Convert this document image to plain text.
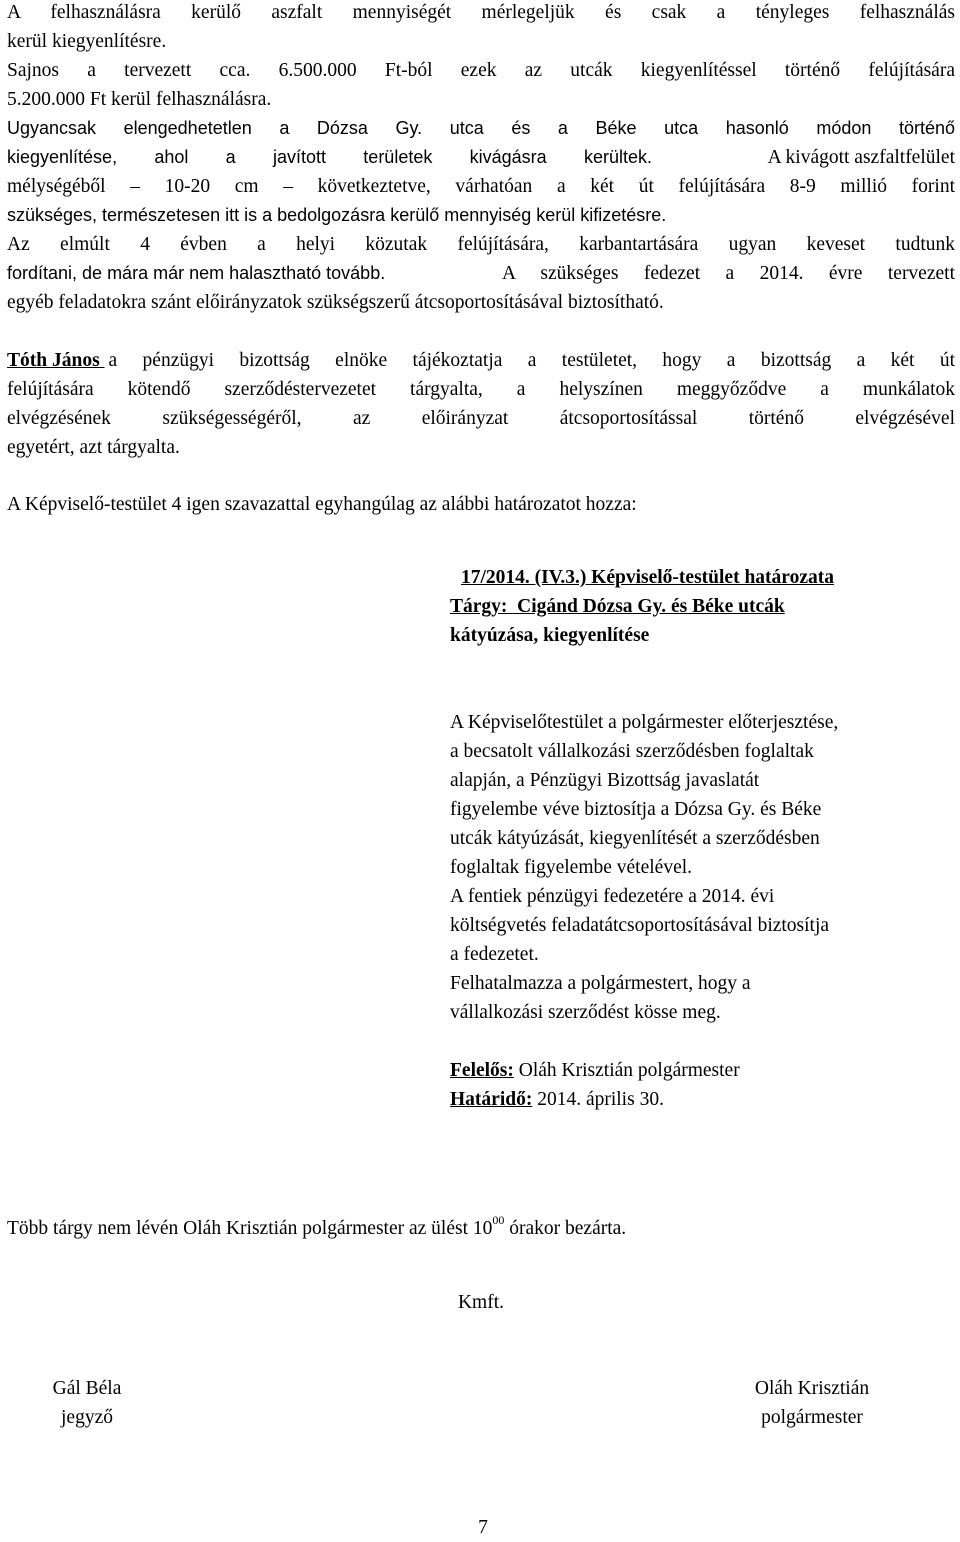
A felhasználásra kerülő aszfalt mennyiségét mérlegeljük és csak a tényleges felhasználás
kerül kiegyenlítésre.
Sajnos a tervezett cca. 6.500.000 Ft-ból ezek az utcák kiegyenlítéssel történő felújítására
5.200.000 Ft kerül felhasználásra.
Ugyancsak elengedhetetlen a Dózsa Gy. utca és a Béke utca hasonló módon történő
kiegyenlítése, ahol a javított területek kivágásra kerültek.	A kivágott aszfaltfelület
mélységéből – 10-20 cm – következtetve, várhatóan a két út felújítására 8-9 millió forint
szükséges, természetesen itt is a bedolgozásra kerülő mennyiség kerül kifizetésre.
Az elmúlt 4 évben a helyi közutak felújítására, karbantartására ugyan keveset tudtunk
fordítani, de mára már nem halasztható tovább.	A szükséges fedezet a 2014. évre tervezett
egyéb feladatokra szánt előirányzatok szükségszerű átcsoportosításával biztosítható.
Tóth János a pénzügyi bizottság elnöke tájékoztatja a testületet, hogy a bizottság a két út
felújítására kötendő szerződéstervezetet tárgyalta, a helyszínen meggyőződve a munkálatok
elvégzésének szükségességéről, az előirányzat átcsoportosítással történő elvégzésével
egyetért, azt tárgyalta.
A Képviselő-testület 4 igen szavazattal egyhangúlag az alábbi határozatot hozza:
17/2014. (IV.3.) Képviselő-testület határozata
Tárgy:  Cigánd Dózsa Gy. és Béke utcák
kátyúzása, kiegyenlítése
A Képviselőtestület a polgármester előterjesztése,
a becsatolt vállalkozási szerződésben foglaltak
alapján, a Pénzügyi Bizottság javaslatát
figyelembe véve biztosítja a Dózsa Gy. és Béke
utcák kátyúzását, kiegyenlítését a szerződésben
foglaltak figyelembe vételével.
A fentiek pénzügyi fedezetére a 2014. évi
költségvetés feladatátcsoportosításával biztosítja
a fedezetet.
Felhatalmazza a polgármestert, hogy a
vállalkozási szerződést kösse meg.
Felelős: Oláh Krisztián polgármester
Határidő: 2014. április 30.
Több tárgy nem lévén Oláh Krisztián polgármester az ülést $10^{00}$ órakor bezárta.
Kmft.
Gál Béla
jegyző
Oláh Krisztián
polgármester
7
